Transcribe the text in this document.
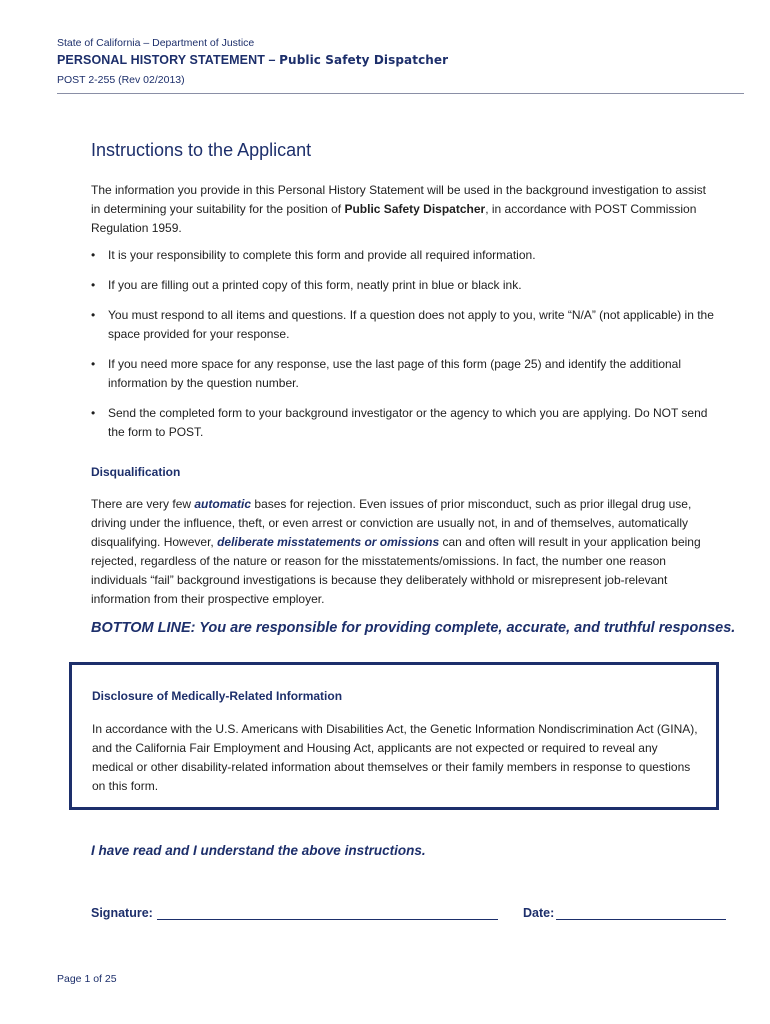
State of California – Department of Justice
PERSONAL HISTORY STATEMENT – Public Safety Dispatcher
POST 2-255 (Rev 02/2013)
Instructions to the Applicant
The information you provide in this Personal History Statement will be used in the background investigation to assist in determining your suitability for the position of Public Safety Dispatcher, in accordance with POST Commission Regulation 1959.
• It is your responsibility to complete this form and provide all required information.
• If you are filling out a printed copy of this form, neatly print in blue or black ink.
• You must respond to all items and questions. If a question does not apply to you, write “N/A” (not applicable) in the space provided for your response.
• If you need more space for any response, use the last page of this form (page 25) and identify the additional information by the question number.
• Send the completed form to your background investigator or the agency to which you are applying. Do NOT send the form to POST.
Disqualification
There are very few automatic bases for rejection. Even issues of prior misconduct, such as prior illegal drug use, driving under the influence, theft, or even arrest or conviction are usually not, in and of themselves, automatically disqualifying. However, deliberate misstatements or omissions can and often will result in your application being rejected, regardless of the nature or reason for the misstatements/omissions. In fact, the number one reason individuals “fail” background investigations is because they deliberately withhold or misrepresent job-relevant information from their prospective employer.
BOTTOM LINE: You are responsible for providing complete, accurate, and truthful responses.
Disclosure of Medically-Related Information
In accordance with the U.S. Americans with Disabilities Act, the Genetic Information Nondiscrimination Act (GINA), and the California Fair Employment and Housing Act, applicants are not expected or required to reveal any medical or other disability-related information about themselves or their family members in response to questions on this form.
I have read and I understand the above instructions.
Signature:	Date:
Page 1 of 25
